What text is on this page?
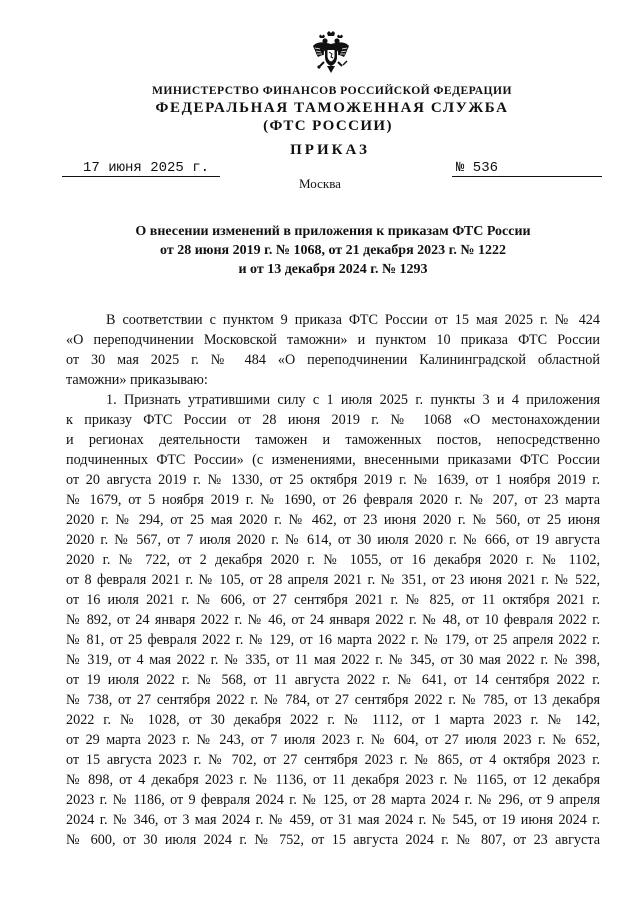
МИНИСТЕРСТВО ФИНАНСОВ РОССИЙСКОЙ ФЕДЕРАЦИИ
ФЕДЕРАЛЬНАЯ ТАМОЖЕННАЯ СЛУЖБА
(ФТС РОССИИ)
ПРИКАЗ
17 июня 2025 г.	№ 536
Москва
О внесении изменений в приложения к приказам ФТС России
от 28 июня 2019 г. № 1068, от 21 декабря 2023 г. № 1222
и от 13 декабря 2024 г. № 1293
В соответствии с пунктом 9 приказа ФТС России от 15 мая 2025 г. № 424
«О переподчинении Московской таможни» и пунктом 10 приказа ФТС России
от 30 мая 2025 г. № 484 «О переподчинении Калининградской областной
таможни» приказываю:
1. Признать утратившими силу с 1 июля 2025 г. пункты 3 и 4 приложения
к приказу ФТС России от 28 июня 2019 г. № 1068 «О местонахождении
и регионах деятельности таможен и таможенных постов, непосредственно
подчиненных ФТС России» (с изменениями, внесенными приказами ФТС России
от 20 августа 2019 г. № 1330, от 25 октября 2019 г. № 1639, от 1 ноября 2019 г.
№ 1679, от 5 ноября 2019 г. № 1690, от 26 февраля 2020 г. № 207, от 23 марта
2020 г. № 294, от 25 мая 2020 г. № 462, от 23 июня 2020 г. № 560, от 25 июня
2020 г. № 567, от 7 июля 2020 г. № 614, от 30 июля 2020 г. № 666, от 19 августа
2020 г. № 722, от 2 декабря 2020 г. № 1055, от 16 декабря 2020 г. № 1102,
от 8 февраля 2021 г. № 105, от 28 апреля 2021 г. № 351, от 23 июня 2021 г. № 522,
от 16 июля 2021 г. № 606, от 27 сентября 2021 г. № 825, от 11 октября 2021 г.
№ 892, от 24 января 2022 г. № 46, от 24 января 2022 г. № 48, от 10 февраля 2022 г.
№ 81, от 25 февраля 2022 г. № 129, от 16 марта 2022 г. № 179, от 25 апреля 2022 г.
№ 319, от 4 мая 2022 г. № 335, от 11 мая 2022 г. № 345, от 30 мая 2022 г. № 398,
от 19 июля 2022 г. № 568, от 11 августа 2022 г. № 641, от 14 сентября 2022 г.
№ 738, от 27 сентября 2022 г. № 784, от 27 сентября 2022 г. № 785, от 13 декабря
2022 г. № 1028, от 30 декабря 2022 г. № 1112, от 1 марта 2023 г. № 142,
от 29 марта 2023 г. № 243, от 7 июля 2023 г. № 604, от 27 июля 2023 г. № 652,
от 15 августа 2023 г. № 702, от 27 сентября 2023 г. № 865, от 4 октября 2023 г.
№ 898, от 4 декабря 2023 г. № 1136, от 11 декабря 2023 г. № 1165, от 12 декабря
2023 г. № 1186, от 9 февраля 2024 г. № 125, от 28 марта 2024 г. № 296, от 9 апреля
2024 г. № 346, от 3 мая 2024 г. № 459, от 31 мая 2024 г. № 545, от 19 июня 2024 г.
№ 600, от 30 июля 2024 г. № 752, от 15 августа 2024 г. № 807, от 23 августа
